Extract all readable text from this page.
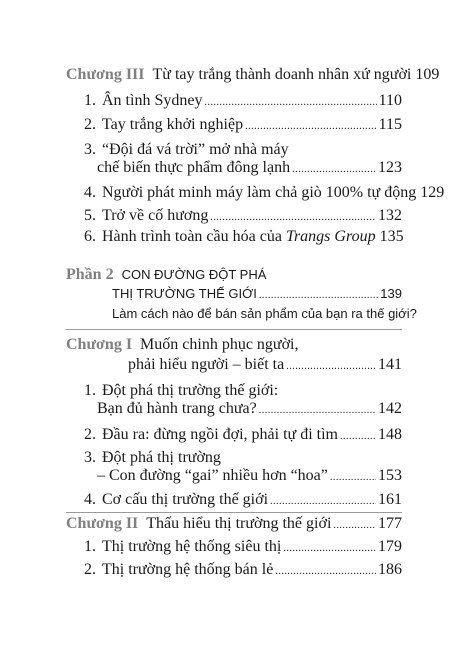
Chương III Từ tay trắng thành doanh nhân xứ người 109
1. Ân tình Sydney .....	110
2. Tay trắng khởi nghiệp .....	115
3. “Đội đá vá trời” mở nhà máy
chế biến thực phẩm đông lạnh .....	123
4. Người phát minh máy làm chả giò 100% tự động 129
5. Trở về cố hương .....	132
6. Hành trình toàn cầu hóa của Trangs Group 135
Phần 2 CON ĐƯỜNG ĐỘT PHÁ
THỊ TRƯỜNG THẾ GIỚI .....	139
Làm cách nào để bán sản phẩm của bạn ra thế giới?
Chương I Muốn chinh phục người,
phải hiểu người – biết ta .....	141
1. Đột phá thị trường thế giới:
Bạn đủ hành trang chưa? .....	142
2. Đầu ra: đừng ngồi đợi, phải tự đi tìm .....	148
3. Đột phá thị trường
– Con đường “gai” nhiều hơn “hoa” .....	153
4. Cơ cấu thị trường thế giới .....	161
Chương II Thấu hiểu thị trường thế giới .....	177
1. Thị trường hệ thống siêu thị .....	179
2. Thị trường hệ thống bán lẻ .....	186
